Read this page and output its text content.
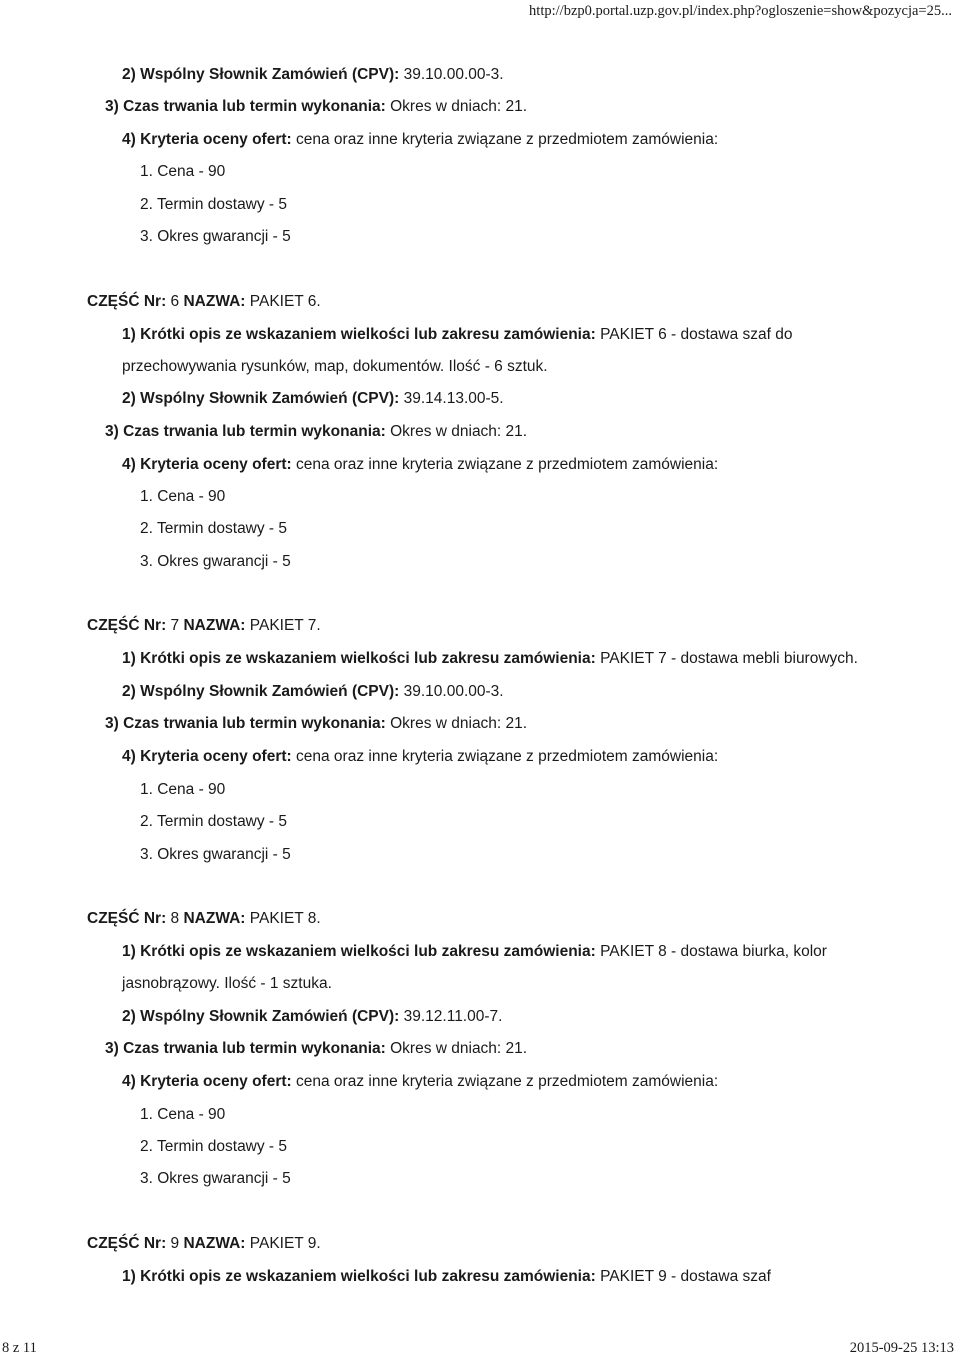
http://bzp0.portal.uzp.gov.pl/index.php?ogloszenie=show&pozycja=25...
2) Wspólny Słownik Zamówień (CPV): 39.10.00.00-3.
3) Czas trwania lub termin wykonania: Okres w dniach: 21.
4) Kryteria oceny ofert: cena oraz inne kryteria związane z przedmiotem zamówienia:
1. Cena - 90
2. Termin dostawy - 5
3. Okres gwarancji - 5
CZĘŚĆ Nr: 6 NAZWA: PAKIET 6.
1) Krótki opis ze wskazaniem wielkości lub zakresu zamówienia: PAKIET 6 - dostawa szaf do
przechowywania rysunków, map, dokumentów. Ilość - 6 sztuk.
2) Wspólny Słownik Zamówień (CPV): 39.14.13.00-5.
3) Czas trwania lub termin wykonania: Okres w dniach: 21.
4) Kryteria oceny ofert: cena oraz inne kryteria związane z przedmiotem zamówienia:
1. Cena - 90
2. Termin dostawy - 5
3. Okres gwarancji - 5
CZĘŚĆ Nr: 7 NAZWA: PAKIET 7.
1) Krótki opis ze wskazaniem wielkości lub zakresu zamówienia: PAKIET 7 - dostawa mebli biurowych.
2) Wspólny Słownik Zamówień (CPV): 39.10.00.00-3.
3) Czas trwania lub termin wykonania: Okres w dniach: 21.
4) Kryteria oceny ofert: cena oraz inne kryteria związane z przedmiotem zamówienia:
1. Cena - 90
2. Termin dostawy - 5
3. Okres gwarancji - 5
CZĘŚĆ Nr: 8 NAZWA: PAKIET 8.
1) Krótki opis ze wskazaniem wielkości lub zakresu zamówienia: PAKIET 8 - dostawa biurka, kolor
jasnobrązowy. Ilość - 1 sztuka.
2) Wspólny Słownik Zamówień (CPV): 39.12.11.00-7.
3) Czas trwania lub termin wykonania: Okres w dniach: 21.
4) Kryteria oceny ofert: cena oraz inne kryteria związane z przedmiotem zamówienia:
1. Cena - 90
2. Termin dostawy - 5
3. Okres gwarancji - 5
CZĘŚĆ Nr: 9 NAZWA: PAKIET 9.
1) Krótki opis ze wskazaniem wielkości lub zakresu zamówienia: PAKIET 9 - dostawa szaf
8 z 11	2015-09-25 13:13
